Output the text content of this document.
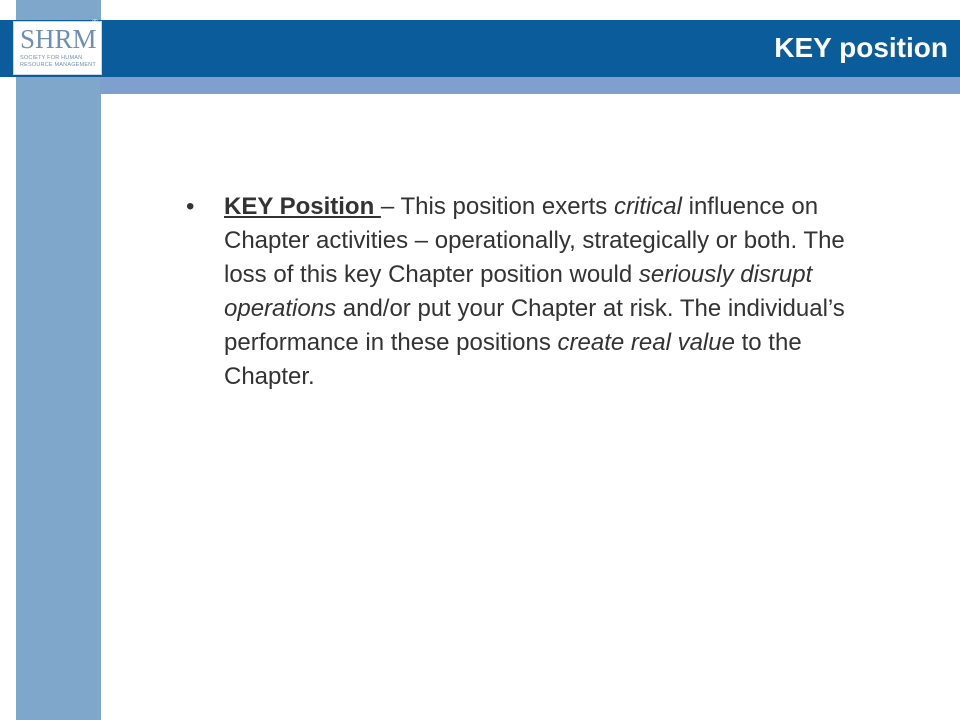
SHRM
SOCIETY FOR HUMAN RESOURCE MANAGEMENT
®
KEY position
• KEY Position – This position exerts critical influence on Chapter activities – operationally, strategically or both. The loss of this key Chapter position would seriously disrupt operations and/or put your Chapter at risk. The individual’s performance in these positions create real value to the Chapter.
